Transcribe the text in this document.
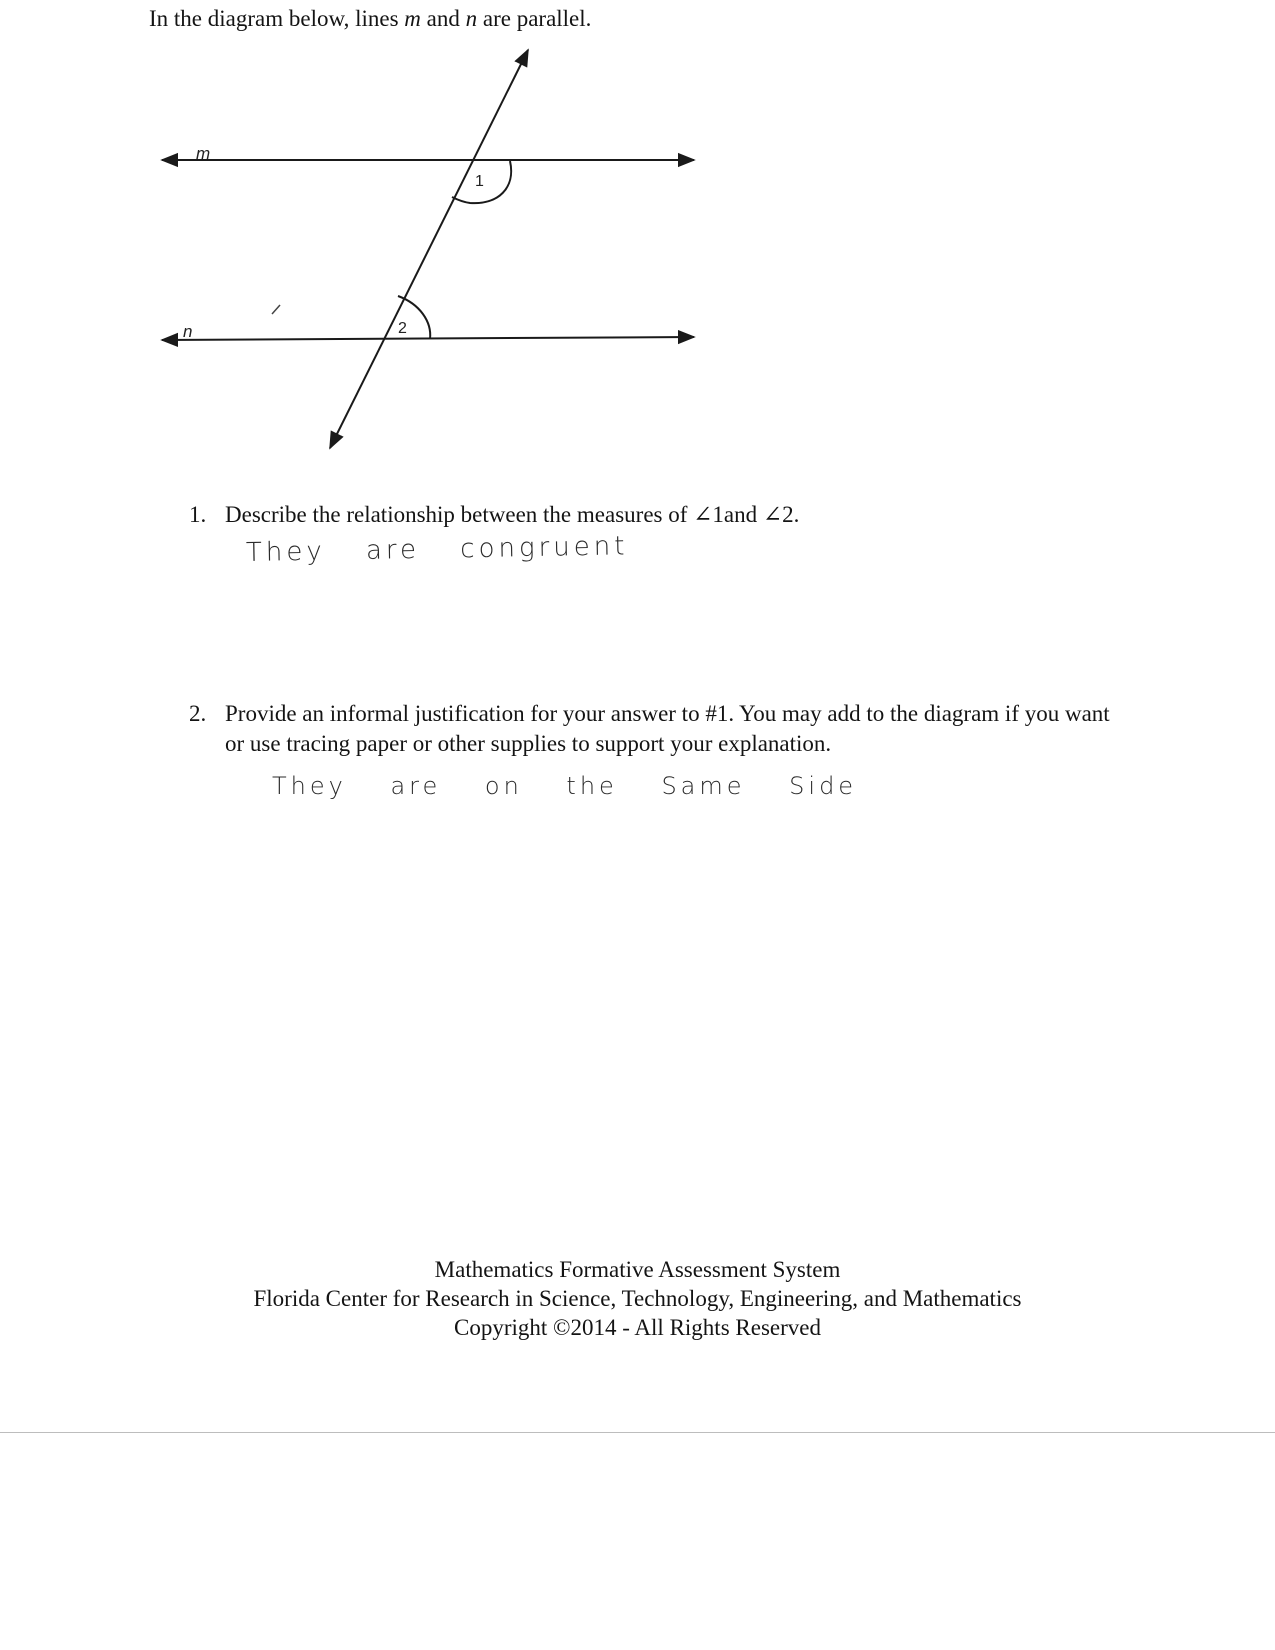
In the diagram below, lines m and n are parallel.
m
n
1
2
1. Describe the relationship between the measures of ∠1and ∠2.
They are congruent
2. Provide an informal justification for your answer to #1. You may add to the diagram if you want or use tracing paper or other supplies to support your explanation.
They are on the Same Side
Mathematics Formative Assessment System
Florida Center for Research in Science, Technology, Engineering, and Mathematics
Copyright ©2014 - All Rights Reserved
